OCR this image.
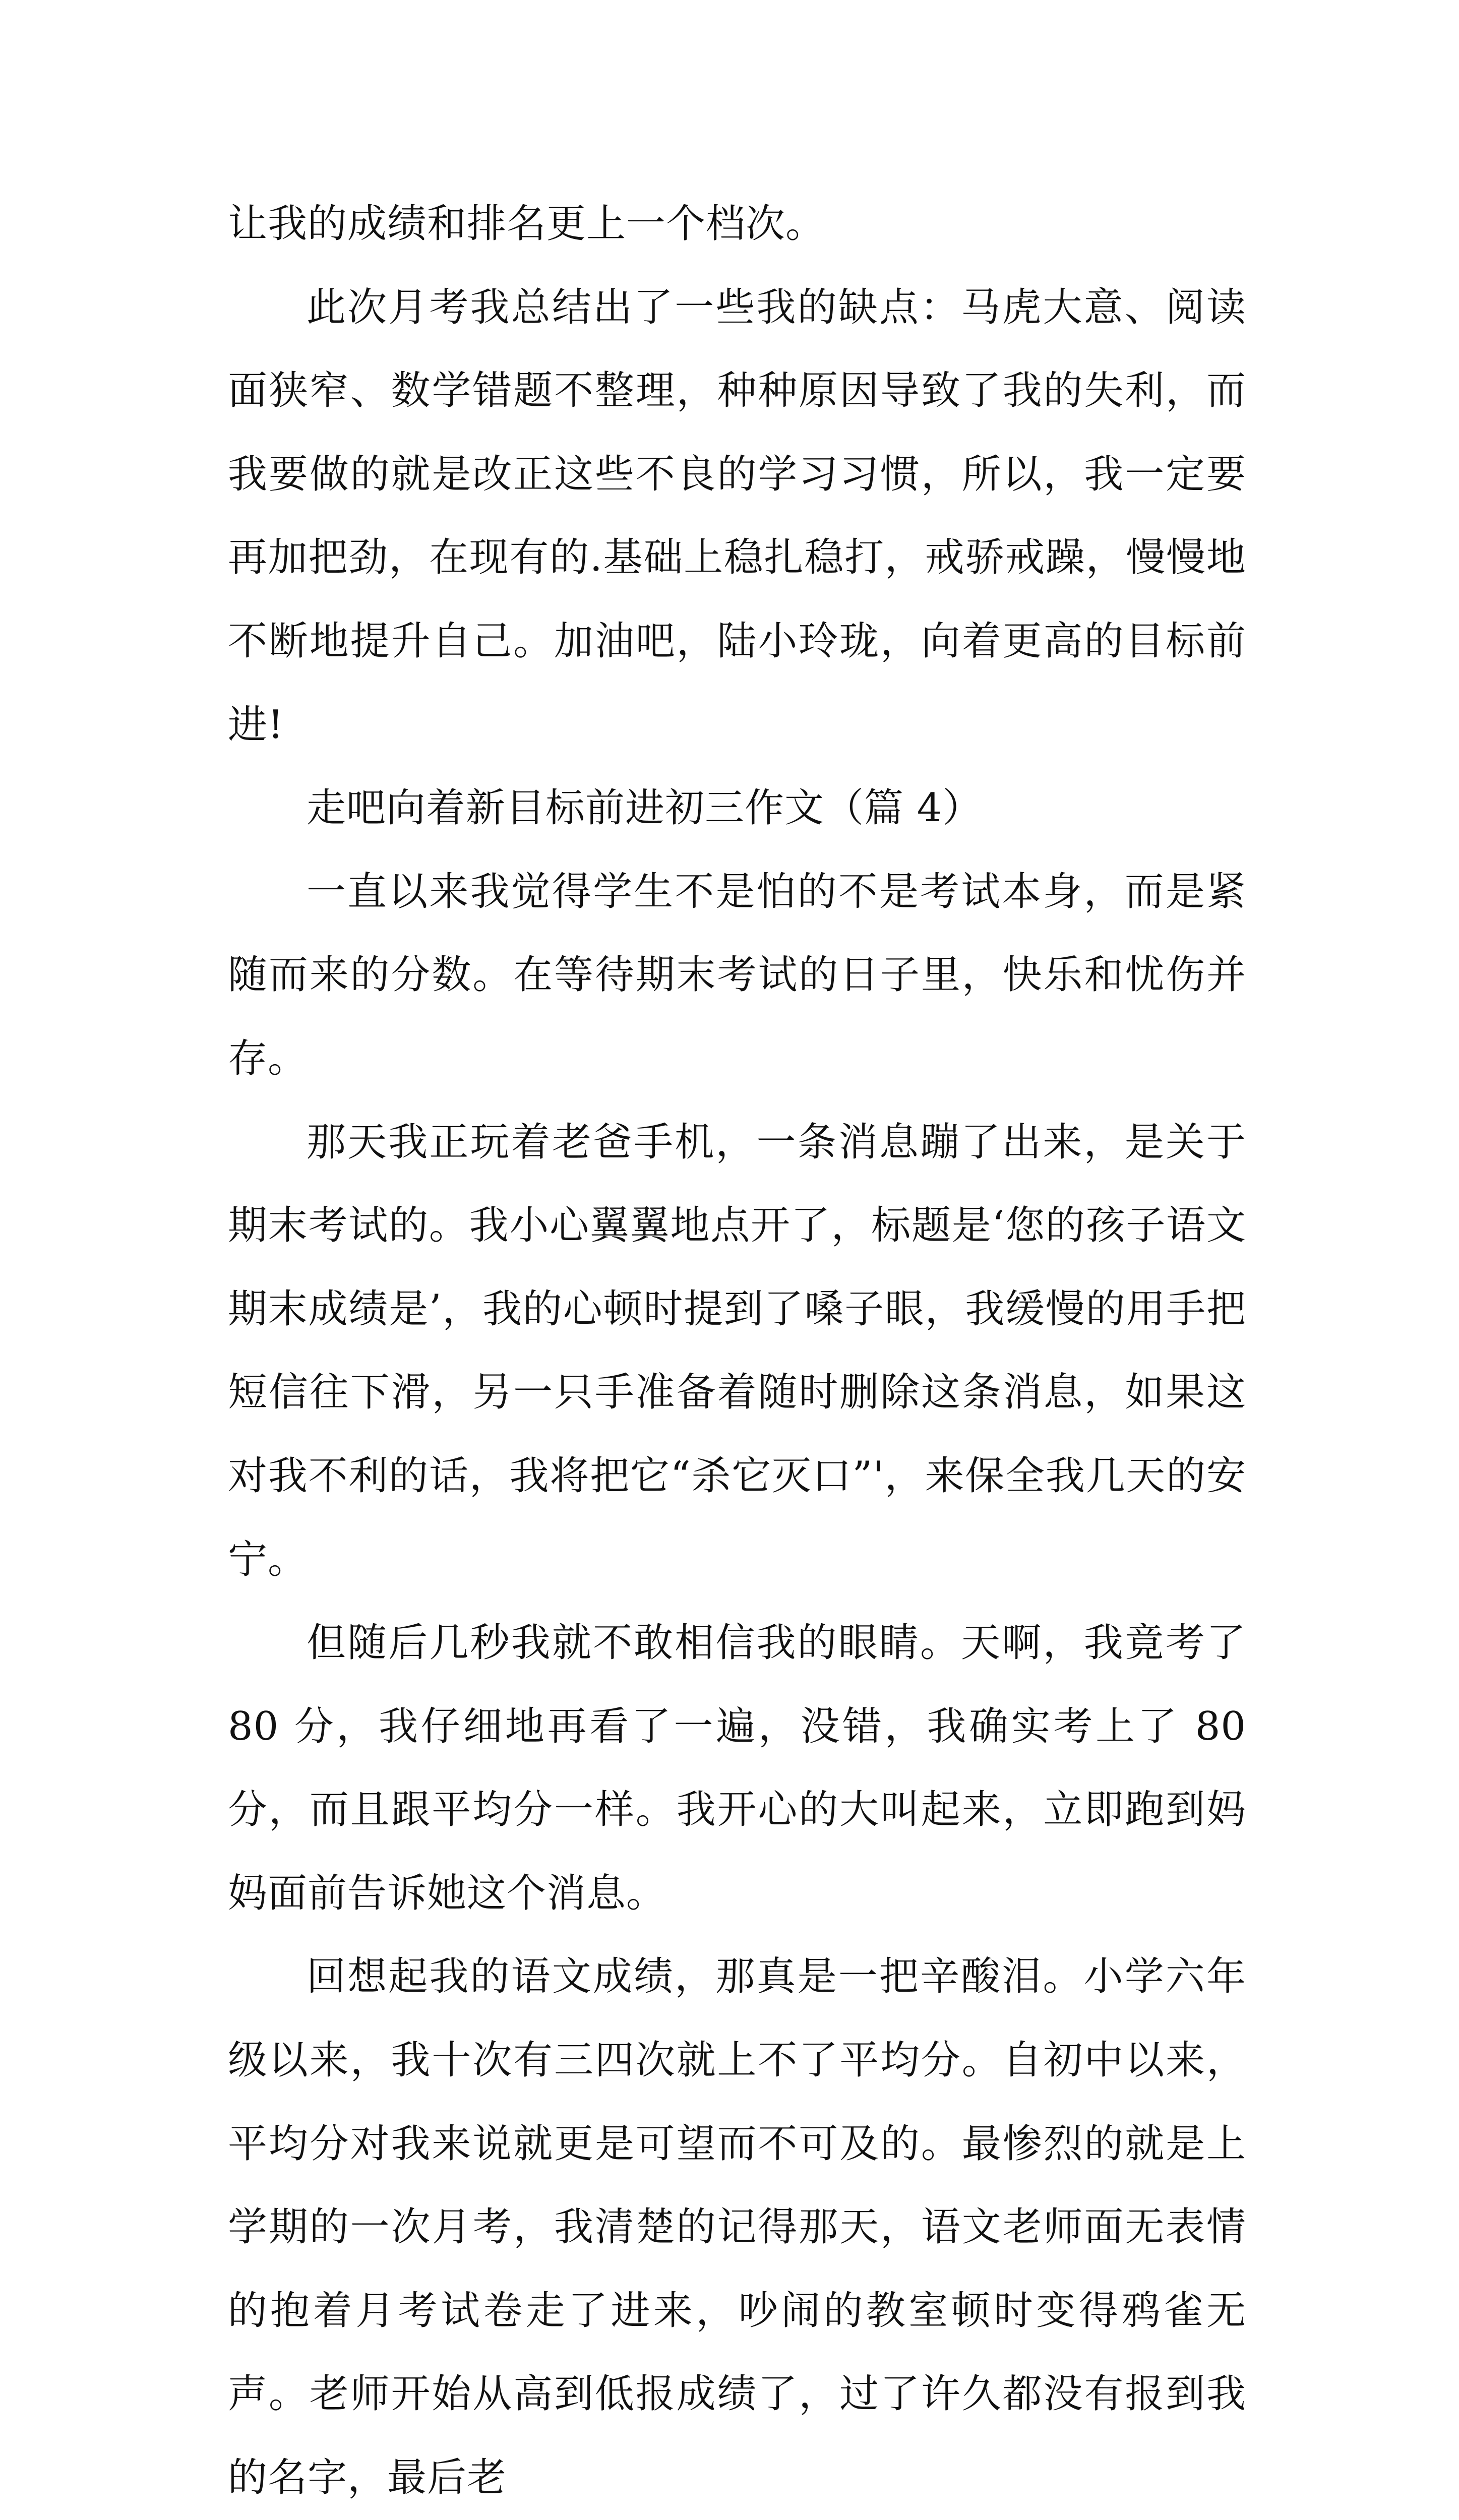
让我的成绩和排名更上一个档次。

此次月考我总结出了一些我的缺点：马虎大意、阅读面狭窄、数学错题不整理，种种原因导致了我的失利，而我要做的就是改正这些不良的学习习惯，所以，我一定要再加把劲，在现有的.基础上稳扎稳打，戒骄戒躁，慢慢地不断地提升自己。加油吧，陆小玲珑，向着更高的目标前进!

走吧向着新目标前进初三作文（篇 4）

一直以来我觉得学生不是怕的不是考试本身，而是紧随而来的分数。在等待期末考试的日子里，快乐和忧伤并存。

那天我正玩着老爸手机，一条消息蹦了出来，是关于期末考试的。我小心翼翼地点开了，标题是‘您的孩子语文期末成绩是’，我的心顿时提到了嗓子眼，我缓慢的用手把短信往下滑，另一只手准备着随时删除这条消息，如果这对我不利的话，我将把它“杀它灭口”'，来保全我几天的安宁。

但随后几秒我就不敢相信我的眼睛。天啊，我竟考了 80 分，我仔细地再看了一遍，没错，我确实考上了 80 分，而且跟平均分一样。我开心的大叫起来，立即跑到妈妈面前告诉她这个消息。

回想起我的语文成绩，那真是一把辛酸泪。小学六年级以来，我十次有三四次就上不了平均分。自初中以来，平均分对我来说就更是可望而不可及的。最惨烈的就是上学期的一次月考，我清楚的记得那天，语文老师面无表情的抱着月考试卷走了进来，吵闹的教室顿时变得鸦雀无声。老师开始从高到低报成绩了，过了许久都没有报到我的名字，最后老
